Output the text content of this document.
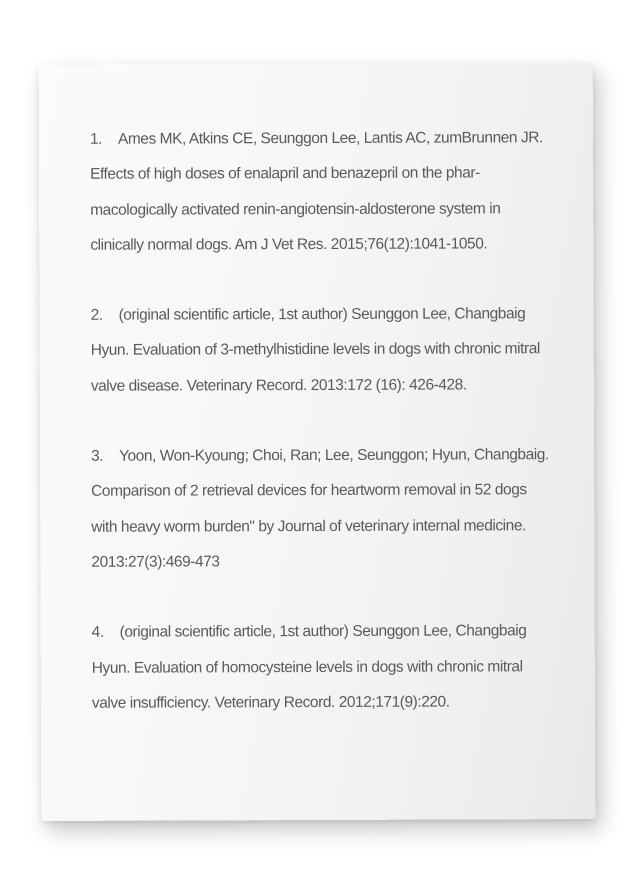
1. Ames MK, Atkins CE, Seunggon Lee, Lantis AC, zumBrunnen JR. Effects of high doses of enalapril and benazepril on the pharmacologically activated renin-angiotensin-aldosterone system in clinically normal dogs. Am J Vet Res. 2015;76(12):1041-1050.
2. (original scientific article, 1st author) Seunggon Lee, Changbaig Hyun. Evaluation of 3-methylhistidine levels in dogs with chronic mitral valve disease. Veterinary Record. 2013:172 (16): 426-428.
3. Yoon, Won-Kyoung; Choi, Ran; Lee, Seunggon; Hyun, Changbaig. Comparison of 2 retrieval devices for heartworm removal in 52 dogs with heavy worm burden" by Journal of veterinary internal medicine. 2013:27(3):469-473
4. (original scientific article, 1st author) Seunggon Lee, Changbaig Hyun. Evaluation of homocysteine levels in dogs with chronic mitral valve insufficiency. Veterinary Record. 2012;171(9):220.
